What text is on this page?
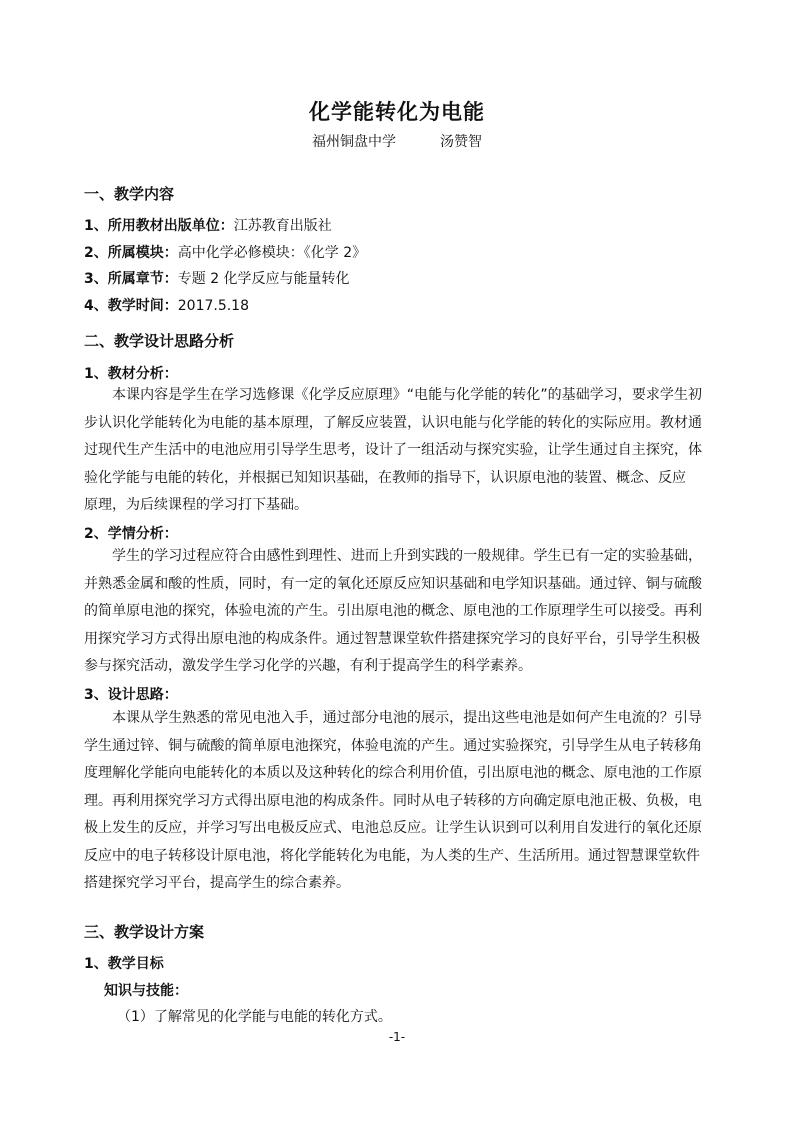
化学能转化为电能
福州铜盘中学	汤赞智
一、教学内容
1、所用教材出版单位：江苏教育出版社
2、所属模块：高中化学必修模块：《化学 2》
3、所属章节：专题 2 化学反应与能量转化
4、教学时间：2017.5.18
二、教学设计思路分析
1、教材分析：

本课内容是学生在学习选修课《化学反应原理》“电能与化学能的转化”的基础学习，要求学生初步认识化学能转化为电能的基本原理，了解反应装置，认识电能与化学能的转化的实际应用。教材通过现代生产生活中的电池应用引导学生思考，设计了一组活动与探究实验，让学生通过自主探究，体验化学能与电能的转化，并根据已知知识基础，在教师的指导下，认识原电池的装置、概念、反应

原理，为后续课程的学习打下基础。

2、学情分析：

学生的学习过程应符合由感性到理性、进而上升到实践的一般规律。学生已有一定的实验基础，并熟悉金属和酸的性质，同时，有一定的氧化还原反应知识基础和电学知识基础。通过锌、铜与硫酸的简单原电池的探究，体验电流的产生。引出原电池的概念、原电池的工作原理学生可以接受。再利用探究学习方式得出原电池的构成条件。通过智慧课堂软件搭建探究学习的良好平台，引导学生积极

参与探究活动，激发学生学习化学的兴趣，有利于提高学生的科学素养。

3、设计思路：

本课从学生熟悉的常见电池入手，通过部分电池的展示，提出这些电池是如何产生电流的？引导学生通过锌、铜与硫酸的简单原电池探究，体验电流的产生。通过实验探究，引导学生从电子转移角度理解化学能向电能转化的本质以及这种转化的综合利用价值，引出原电池的概念、原电池的工作原理。再利用探究学习方式得出原电池的构成条件。同时从电子转移的方向确定原电池正极、负极，电极上发生的反应，并学习写出电极反应式、电池总反应。让学生认识到可以利用自发进行的氧化还原反应中的电子转移设计原电池，将化学能转化为电能，为人类的生产、生活所用。通过智慧课堂软件

搭建探究学习平台，提高学生的综合素养。

三、教学设计方案
1、教学目标
知识与技能：
（1）了解常见的化学能与电能的转化方式。
-1-
